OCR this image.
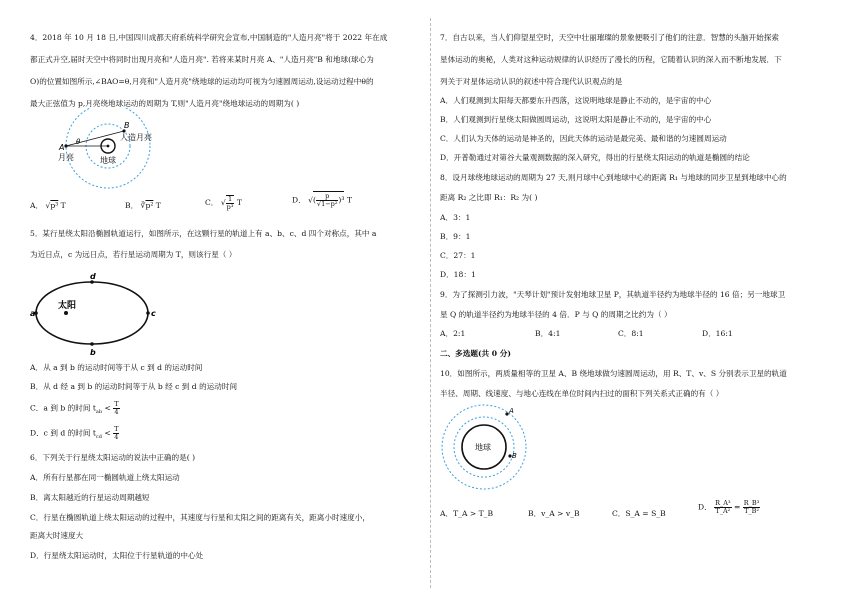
4．2018 年 10 月 18 日,中国四川成都天府系统科学研究会宣布,中国制造的"人造月亮"将于 2022 年在成
都正式升空,届时天空中将同时出现月亮和"人造月亮". 若将来某时月亮 A、"人造月亮"B 和地球(球心为
O)的位置如图所示,∠BAO=θ,月亮和"人造月亮"绕地球的运动均可视为匀速圆周运动,设运动过程中θ的
最大正弦值为 p,月亮绕地球运动的周期为 T,则"人造月亮"绕地球运动的周期为( )
A
B
θ
月亮
人造月亮
地球
A． √p³ T	B． ∛p² T	C． √ $\frac{1}{\text{p³}}$ T	D． √( $\frac{p}{\text{√1−p²}} )^3$ T
5．某行星绕太阳沿椭圆轨道运行，如图所示，在这颗行星的轨道上有 a、b、c、d 四个对称点，其中 a
为近日点，c 为远日点，若行星运动周期为 T，则该行星（ ）
太阳
a
d
c
b
A．从 a 到 b 的运动时间等于从 c 到 d 的运动时间
B．从 d 经 a 到 b 的运动时间等于从 b 经 c 到 d 的运动时间
C．a 到 b 的时间 $t_{ab} < \frac{T}{4}$
D．c 到 d 的时间 $t_{cd} < \frac{T}{4}$
6．下列关于行星绕太阳运动的说法中正确的是( )
A．所有行星都在同一椭圆轨道上绕太阳运动
B．离太阳越近的行星运动周期越短
C．行星在椭圆轨道上绕太阳运动的过程中，其速度与行星和太阳之间的距离有关，距离小时速度小，
距离大时速度大
D．行星绕太阳运动时，太阳位于行星轨道的中心处
7．自古以来，当人们仰望星空时，天空中壮丽璀璨的景象便吸引了他们的注意．智慧的头脑开始探索
星体运动的奥秘，人类对这种运动规律的认识经历了漫长的历程，它随着认识的深入而不断地发展．下
列关于对星体运动认识的叙述中符合现代认识观点的是
A．人们观测到太阳每天都要东升西落，这说明地球是静止不动的，是宇宙的中心
B．人们观测到行星绕太阳做圆周运动，这说明太阳是静止不动的，是宇宙的中心
C．人们认为天体的运动是神圣的，因此天体的运动是最完美、最和谐的匀速圆周运动
D．开普勒通过对第谷大量观测数据的深入研究，得出的行星绕太阳运动的轨道是椭圆的结论
8．设月球绕地球运动的周期为 27 天,则月球中心到地球中心的距离 R₁ 与地球的同步卫星到地球中心的
距离 R₂ 之比即 R₁：R₂ 为( )
A．3：1
B．9：1
C．27：1
D．18：1
9．为了探测引力波，"天琴计划"预计发射地球卫星 P，其轨道半径约为地球半径的 16 倍；另一地球卫
星 Q 的轨道半径约为地球半径的 4 倍．P 与 Q 的周期之比约为（ ）
A．2:1	B．4:1	C．8:1	D．16:1
二、多选题(共 0 分)
10．如图所示，两质量相等的卫星 A、B 绕地球做匀速圆周运动，用 R、T、v、S 分别表示卫星的轨道
半径、周期、线速度、与地心连线在单位时间内扫过的面积下列关系式正确的有（ ）
地球
A
B
A．T_A > T_B	B．v_A > v_B	C．S_A = S_B
D． $\frac{\text{R\_A³}}{\text{T\_A²}} = \frac{\text{R\_B³}}{\text{T\_B²}}$
